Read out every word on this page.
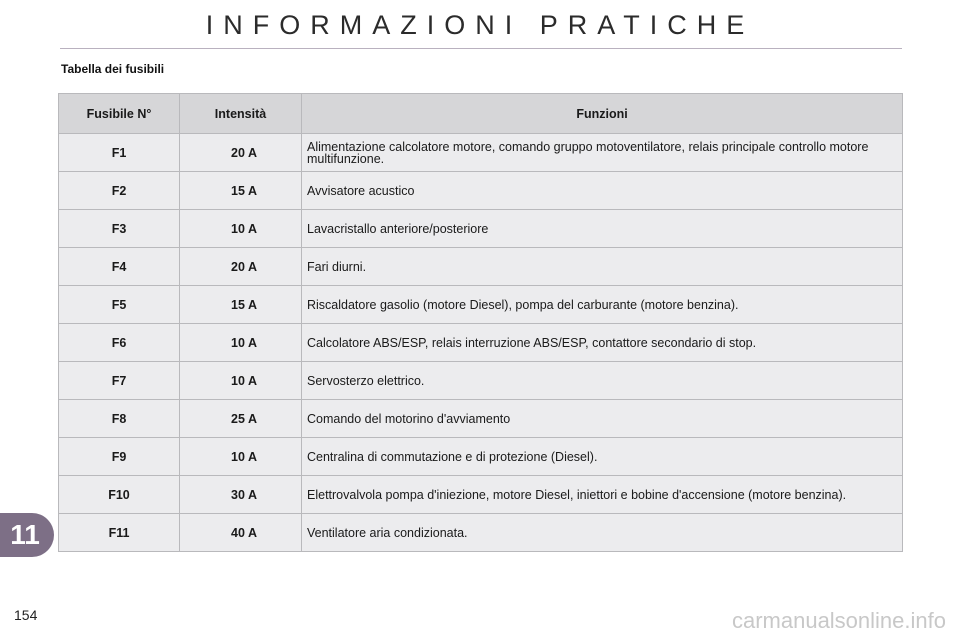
INFORMAZIONI PRATICHE
Tabella dei fusibili
Fusibile N°	Intensità	Funzioni
F1	20 A	Alimentazione calcolatore motore, comando gruppo motoventilatore, relais principale controllo motore multifunzione.
F2	15 A	Avvisatore acustico
F3	10 A	Lavacristallo anteriore/posteriore
F4	20 A	Fari diurni.
F5	15 A	Riscaldatore gasolio (motore Diesel), pompa del carburante (motore benzina).
F6	10 A	Calcolatore ABS/ESP, relais interruzione ABS/ESP, contattore secondario di stop.
F7	10 A	Servosterzo elettrico.
F8	25 A	Comando del motorino d'avviamento
F9	10 A	Centralina di commutazione e di protezione (Diesel).
F10	30 A	Elettrovalvola pompa d'iniezione, motore Diesel, iniettori e bobine d'accensione (motore benzina).
F11	40 A	Ventilatore aria condizionata.
11
154	carmanualsonline.info
